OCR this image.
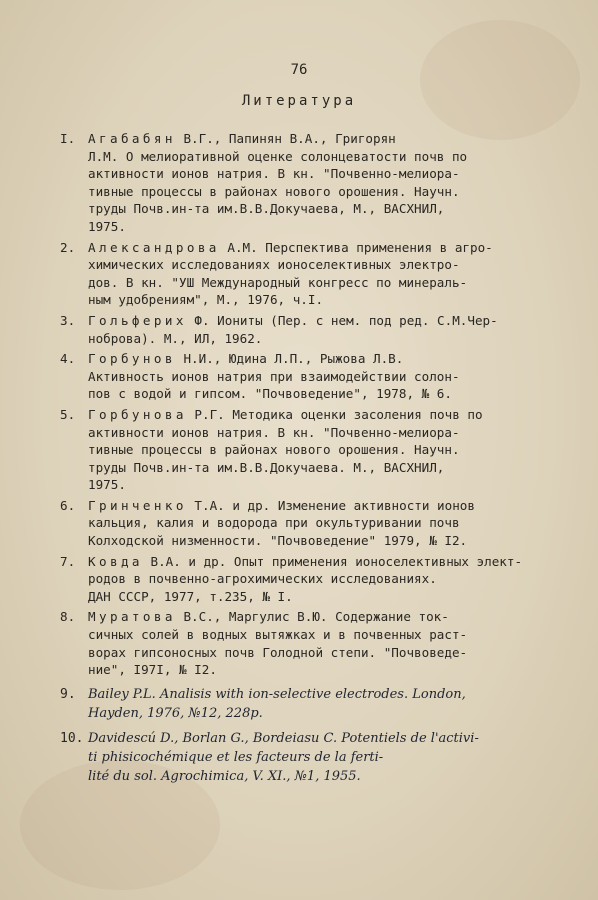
76
Литература
I. Агабабян В.Г., Папинян В.А., Григорян
Л.М. О мелиоративной оценке солонцеватости почв по
активности ионов натрия. В кн. "Почвенно-мелиора-
тивные процессы в районах нового орошения. Научн.
труды Почв.ин-та им.В.В.Докучаева, М., ВАСХНИЛ,
1975.
2. Александрова А.М. Перспектива применения в агро-
химических исследованиях ионоселективных электро-
дов. В кн. "УШ Международный конгресс по минераль-
ным удобрениям", М., 1976, ч.I.
3. Гольферих Ф. Иониты (Пер. с нем. под ред. С.М.Чер-
ноброва). М., ИЛ, 1962.
4. Горбунов Н.И., Юдина Л.П., Рыжова Л.В.
Активность ионов натрия при взаимодействии солон-
пов с водой и гипсом. "Почвоведение", 1978, № 6.
5. Горбунова Р.Г. Методика оценки засоления почв по
активности ионов натрия. В кн. "Почвенно-мелиора-
тивные процессы в районах нового орошения. Научн.
труды Почв.ин-та им.В.В.Докучаева. М., ВАСХНИЛ,
1975.
6. Гринченко Т.А. и др. Изменение активности ионов
кальция, калия и водорода при окультуривании почв
Колходской низменности. "Почвоведение" 1979, № I2.
7. Ковда В.А. и др. Опыт применения ионоселективных элект-
родов в почвенно-агрохимических исследованиях.
ДАН СССР, 1977, т.235, № I.
8. Муратова В.С., Маргулис В.Ю. Содержание ток-
сичных солей в водных вытяжках и в почвенных раст-
ворах гипсоносных почв Голодной степи. "Почвоведе-
ние", I97I, № I2.
9. Bailey P.L. Analisis with ion-selective electrodes. London,
Hayden, 1976, №12, 228p.
10. Davidescú D., Borlan G., Bordeiasu C. Potentiels de l'activi-
ti phisicochémique et les facteurs de la ferti-
lité du sol. Agrochimica, V. XI., №1, 1955.
